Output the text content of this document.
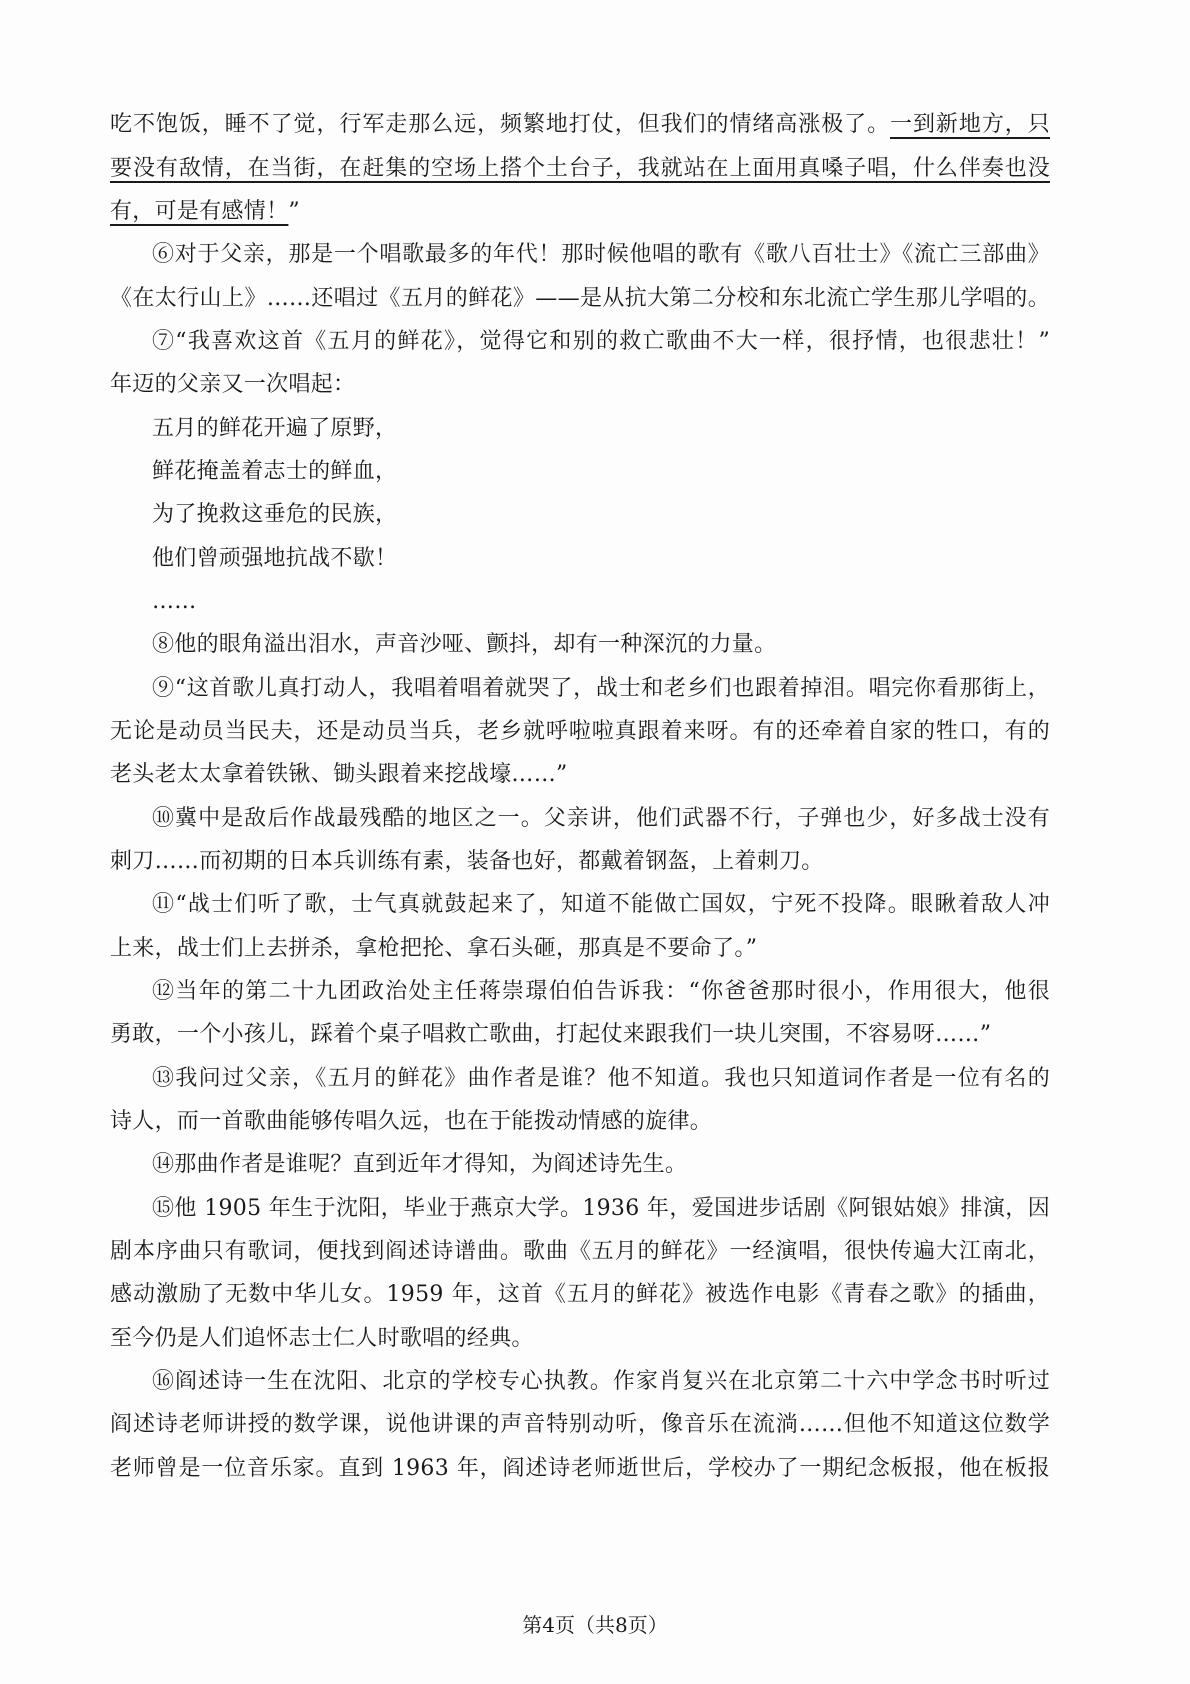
吃不饱饭，睡不了觉，行军走那么远，频繁地打仗，但我们的情绪高涨极了。一到新地方，只
要没有敌情，在当街，在赶集的空场上搭个土台子，我就站在上面用真嗓子唱，什么伴奏也没
有，可是有感情！”
⑥对于父亲，那是一个唱歌最多的年代！那时候他唱的歌有《歌八百壮士》《流亡三部曲》
《在太行山上》……还唱过《五月的鲜花》——是从抗大第二分校和东北流亡学生那儿学唱的。
⑦“我喜欢这首《五月的鲜花》，觉得它和别的救亡歌曲不大一样，很抒情，也很悲壮！”
年迈的父亲又一次唱起：
五月的鲜花开遍了原野，
鲜花掩盖着志士的鲜血，
为了挽救这垂危的民族，
他们曾顽强地抗战不歇！
……
⑧他的眼角溢出泪水，声音沙哑、颤抖，却有一种深沉的力量。
⑨“这首歌儿真打动人，我唱着唱着就哭了，战士和老乡们也跟着掉泪。唱完你看那街上，
无论是动员当民夫，还是动员当兵，老乡就呼啦啦真跟着来呀。有的还牵着自家的牲口，有的
老头老太太拿着铁锹、锄头跟着来挖战壕……”
⑩冀中是敌后作战最残酷的地区之一。父亲讲，他们武器不行，子弹也少，好多战士没有
刺刀……而初期的日本兵训练有素，装备也好，都戴着钢盔，上着刺刀。
⑪“战士们听了歌，士气真就鼓起来了，知道不能做亡国奴，宁死不投降。眼瞅着敌人冲
上来，战士们上去拼杀，拿枪把抡、拿石头砸，那真是不要命了。”
⑫当年的第二十九团政治处主任蒋崇璟伯伯告诉我：“你爸爸那时很小，作用很大，他很
勇敢，一个小孩儿，踩着个桌子唱救亡歌曲，打起仗来跟我们一块儿突围，不容易呀……”
⑬我问过父亲，《五月的鲜花》曲作者是谁？他不知道。我也只知道词作者是一位有名的
诗人，而一首歌曲能够传唱久远，也在于能拨动情感的旋律。
⑭那曲作者是谁呢？直到近年才得知，为阎述诗先生。
⑮他 1905 年生于沈阳，毕业于燕京大学。1936 年，爱国进步话剧《阿银姑娘》排演，因
剧本序曲只有歌词，便找到阎述诗谱曲。歌曲《五月的鲜花》一经演唱，很快传遍大江南北，
感动激励了无数中华儿女。1959 年，这首《五月的鲜花》被选作电影《青春之歌》的插曲，
至今仍是人们追怀志士仁人时歌唱的经典。
⑯阎述诗一生在沈阳、北京的学校专心执教。作家肖复兴在北京第二十六中学念书时听过
阎述诗老师讲授的数学课，说他讲课的声音特别动听，像音乐在流淌……但他不知道这位数学
老师曾是一位音乐家。直到 1963 年，阎述诗老师逝世后，学校办了一期纪念板报，他在板报
第4页（共8页）
